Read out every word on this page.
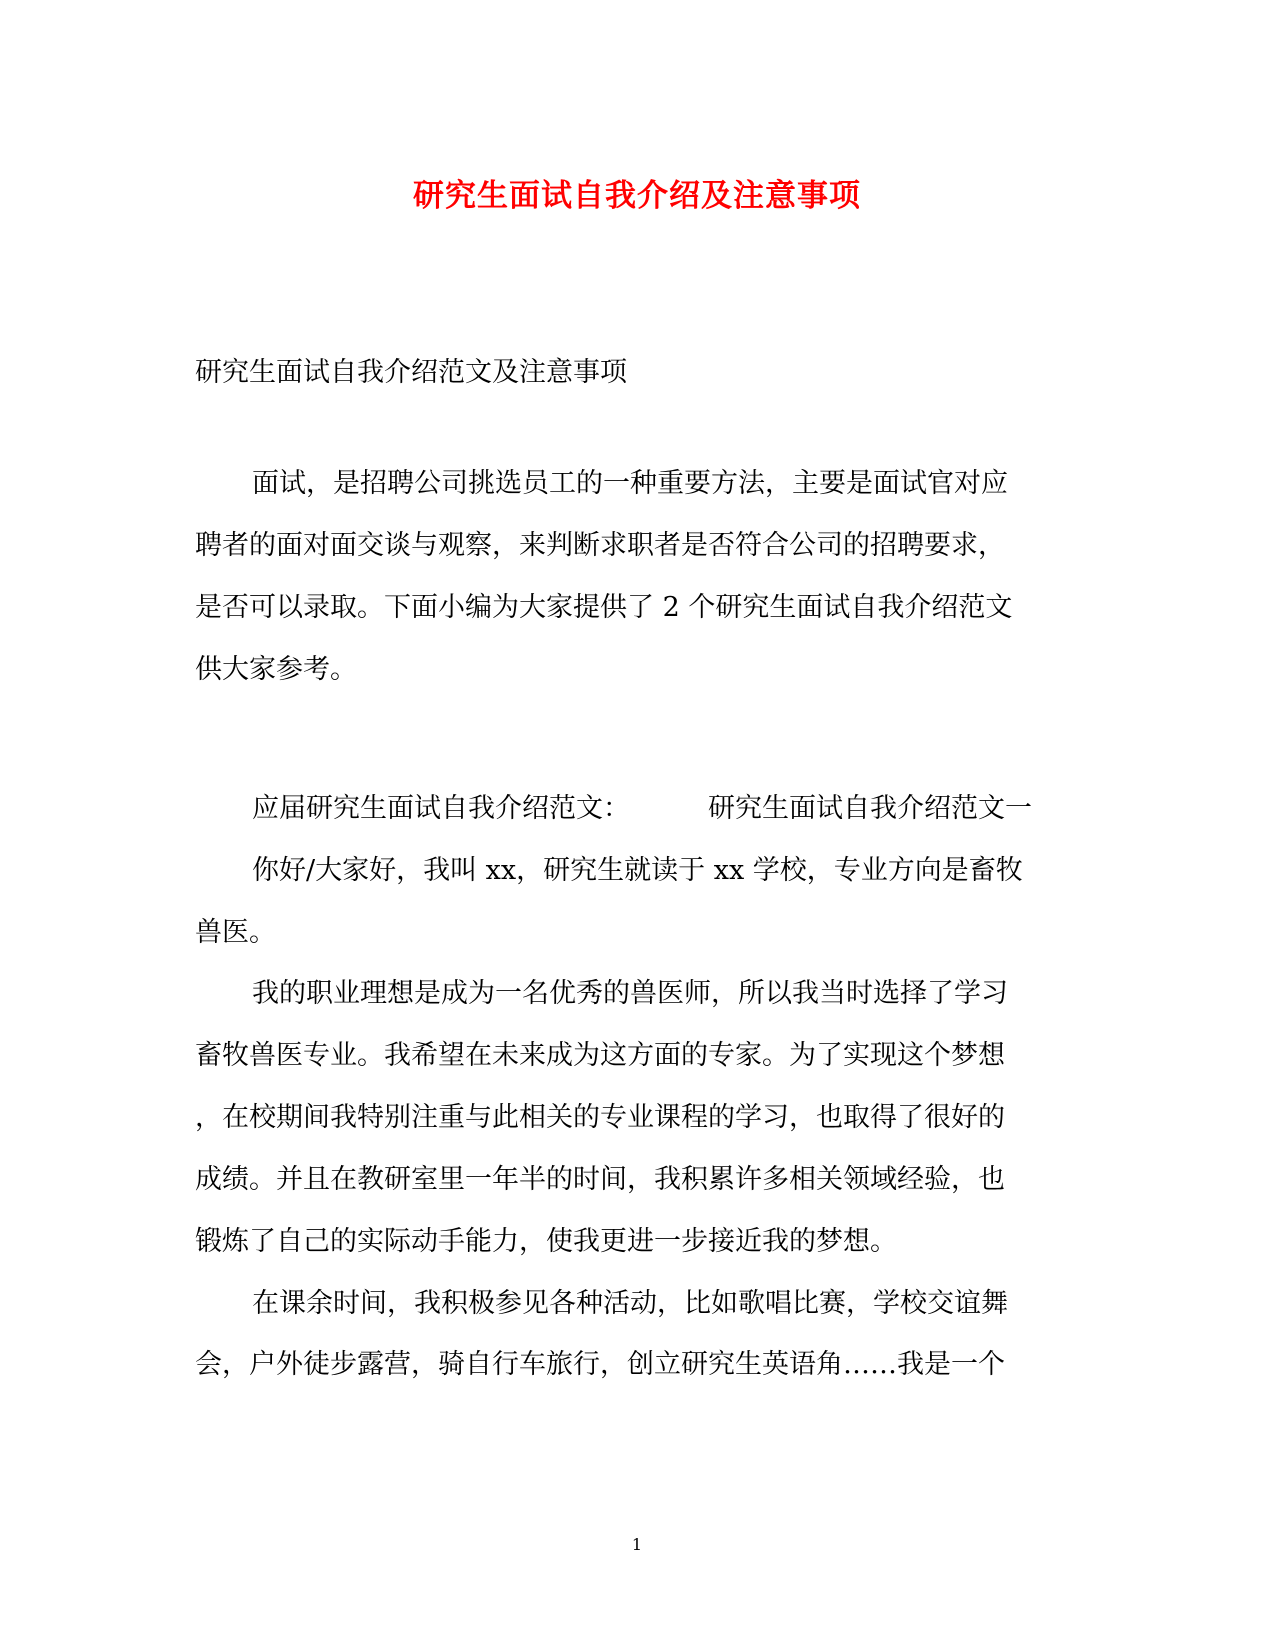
研究生面试自我介绍及注意事项
研究生面试自我介绍范文及注意事项
面试，是招聘公司挑选员工的一种重要方法，主要是面试官对应
聘者的面对面交谈与观察，来判断求职者是否符合公司的招聘要求，
是否可以录取。下面小编为大家提供了 2 个研究生面试自我介绍范文
供大家参考。
应届研究生面试自我介绍范文：	研究生面试自我介绍范文一
你好/大家好，我叫 xx，研究生就读于 xx 学校，专业方向是畜牧
兽医。
我的职业理想是成为一名优秀的兽医师，所以我当时选择了学习
畜牧兽医专业。我希望在未来成为这方面的专家。为了实现这个梦想
，在校期间我特别注重与此相关的专业课程的学习，也取得了很好的
成绩。并且在教研室里一年半的时间，我积累许多相关领域经验，也
锻炼了自己的实际动手能力，使我更进一步接近我的梦想。
在课余时间，我积极参见各种活动，比如歌唱比赛，学校交谊舞
会，户外徒步露营，骑自行车旅行，创立研究生英语角……我是一个
1
